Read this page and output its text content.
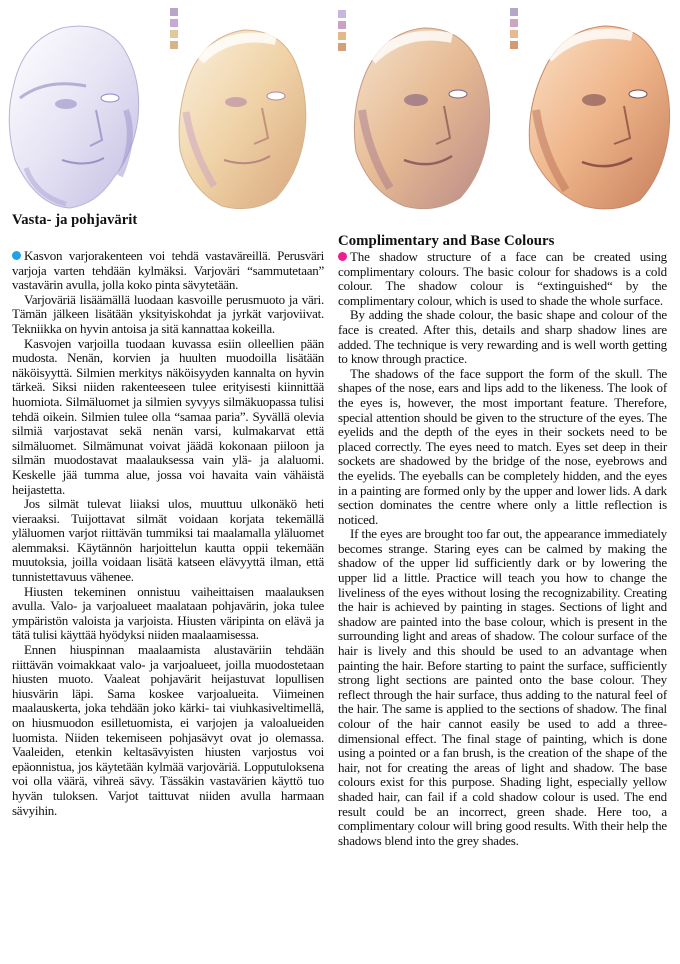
Vasta- ja pohjavärit

Kasvon varjorakenteen voi tehdä vastaväreillä. Perusväri varjoja varten tehdään kylmäksi. Varjoväri “sammutetaan” vastavärin avulla, jolla koko pinta sävytetään.

Varjoväriä lisäämällä luodaan kasvoille perusmuoto ja väri. Tämän jälkeen lisätään yksityiskohdat ja jyrkät varjoviivat. Tekniikka on hyvin antoisa ja sitä kannattaa kokeilla.

Kasvojen varjoilla tuodaan kuvassa esiin olleellien pään mudosta. Nenän, korvien ja huulten muodoilla lisätään näköisyyttä. Silmien merkitys näköisyyden kannalta on hyvin tärkeä. Siksi niiden rakenteeseen tulee erityisesti kiinnittää huomiota. Silmäluomet ja silmien syvyys silmäkuopassa tulisi tehdä oikein. Silmien tulee olla “samaa paria”. Syvällä olevia silmiä varjostavat sekä nenän varsi, kulmakarvat että silmäluomet. Silmämunat voivat jäädä kokonaan piiloon ja silmän muodostavat maalauksessa vain ylä- ja alaluomi. Keskelle jää tumma alue, jossa voi havaita vain vähäistä heijastetta.

Jos silmät tulevat liiaksi ulos, muuttuu ulkonäkö heti vieraaksi. Tuijottavat silmät voidaan korjata tekemällä yläluomen varjot riittävän tummiksi tai maalamalla yläluomet alemmaksi. Käytännön harjoittelun kautta oppii tekemään muutoksia, joilla voidaan lisätä katseen elävyyttä ilman, että tunnistettavuus vähenee.

Hiusten tekeminen onnistuu vaiheittaisen maalauksen avulla. Valo- ja varjoalueet maalataan pohjavärin, joka tulee ympäristön valoista ja varjoista. Hiusten väripinta on elävä ja tätä tulisi käyttää hyödyksi niiden maalaamisessa.

Ennen hiuspinnan maalaamista alustaväriin tehdään riittävän voimakkaat valo- ja varjoalueet, joilla muodostetaan hiusten muoto. Vaaleat pohjavärit heijastuvat lopullisen hiusvärin läpi. Sama koskee varjoalueita. Viimeinen maalauskerta, joka tehdään joko kärki- tai viuhkasiveltimellä, on hiusmuodon esilletuomista, ei varjojen ja valoalueiden luomista. Niiden tekemiseen pohjasävyt ovat jo olemassa. Vaaleiden, etenkin keltasävyisten hiusten varjostus voi epäonnistua, jos käytetään kylmää varjoväriä. Lopputuloksena voi olla väärä, vihreä sävy. Tässäkin vastavärien käyttö tuo hyvän tuloksen. Varjot taittuvat niiden avulla harmaan sävyihin.

Complimentary and Base Colours

The shadow structure of a face can be created using complimentary colours. The basic colour for shadows is a cold colour. The shadow colour is “extinguished“ by the complimentary colour, which is used to shade the whole surface.

By adding the shade colour, the basic shape and colour of the face is created. After this, details and sharp shadow lines are added. The technique is very rewarding and is well worth getting to know through practice.

The shadows of the face support the form of the skull. The shapes of the nose, ears and lips add to the likeness. The look of the eyes is, however, the most important feature. Therefore, special attention should be given to the structure of the eyes. The eyelids and the depth of the eyes in their sockets need to be placed correctly. The eyes need to match. Eyes set deep in their sockets are shadowed by the bridge of the nose, eyebrows and the eyelids. The eyeballs can be completely hidden, and the eyes in a painting are formed only by the upper and lower lids. A dark section dominates the centre where only a little reflection is noticed.

If the eyes are brought too far out, the appearance immediately becomes strange. Staring eyes can be calmed by making the shadow of the upper lid sufficiently dark or by lowering the upper lid a little. Practice will teach you how to change the liveliness of the eyes without losing the recognizability. Creating the hair is achieved by painting in stages. Sections of light and shadow are painted into the base colour, which is present in the surrounding light and areas of shadow. The colour surface of the hair is lively and this should be used to an advantage when painting the hair. Before starting to paint the surface, sufficiently strong light sections are painted onto the base colour. They reflect through the hair surface, thus adding to the natural feel of the hair. The same is applied to the sections of shadow. The final colour of the hair cannot easily be used to add a three-dimensional effect. The final stage of painting, which is done using a pointed or a fan brush, is the creation of the shape of the hair, not for creating the areas of light and shadow. The base colours exist for this purpose. Shading light, especially yellow shaded hair, can fail if a cold shadow colour is used. The end result could be an incorrect, green shade. Here too, a complimentary colour will bring good results. With their help the shadows blend into the grey shades.
